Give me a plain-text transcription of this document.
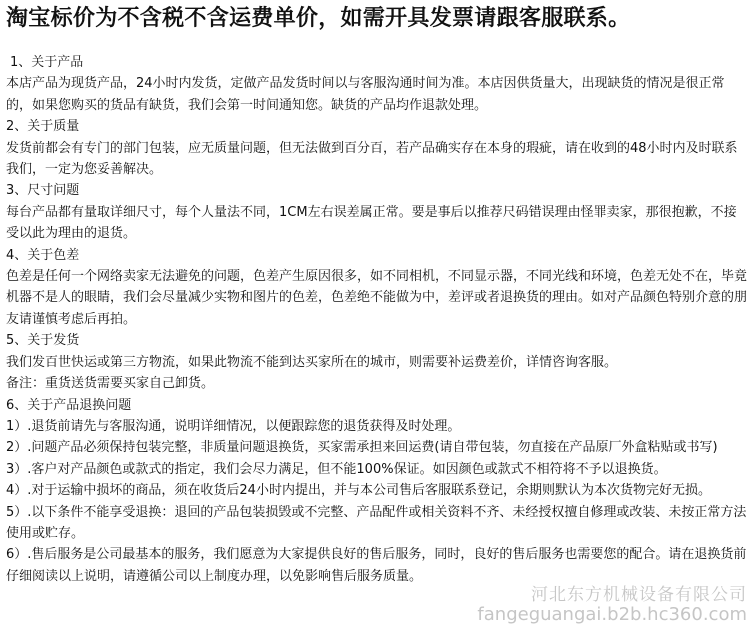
淘宝标价为不含税不含运费单价，如需开具发票请跟客服联系。

1、关于产品

本店产品为现货产品，24小时内发货，定做产品发货时间以与客服沟通时间为准。本店因供货量大，出现缺货的情况是很正常的，如果您购买的货品有缺货，我们会第一时间通知您。缺货的产品均作退款处理。

2、关于质量

发货前都会有专门的部门包装，应无质量问题，但无法做到百分百，若产品确实存在本身的瑕疵，请在收到的48小时内及时联系我们，一定为您妥善解决。

3、尺寸问题

每台产品都有量取详细尺寸，每个人量法不同，1CM左右误差属正常。要是事后以推荐尺码错误理由怪罪卖家，那很抱歉，不接受以此为理由的退货。

4、关于色差

色差是任何一个网络卖家无法避免的问题，色差产生原因很多，如不同相机，不同显示器，不同光线和环境，色差无处不在，毕竟机器不是人的眼睛，我们会尽量减少实物和图片的色差，色差绝不能做为中，差评或者退换货的理由。如对产品颜色特别介意的朋友请谨慎考虑后再拍。

5、关于发货

我们发百世快运或第三方物流，如果此物流不能到达买家所在的城市，则需要补运费差价，详情咨询客服。

备注：重货送货需要买家自己卸货。

6、关于产品退换问题

1）.退货前请先与客服沟通，说明详细情况，以便跟踪您的退货获得及时处理。

2）.问题产品必须保持包装完整，非质量问题退换货，买家需承担来回运费(请自带包装，勿直接在产品原厂外盒粘贴或书写)

3）.客户对产品颜色或款式的指定，我们会尽力满足，但不能100%保证。如因颜色或款式不相符将不予以退换货。

4）.对于运输中损坏的商品，须在收货后24小时内提出，并与本公司售后客服联系登记，余期则默认为本次货物完好无损。

5）.以下条件不能享受退换：退回的产品包装损毁或不完整、产品配件或相关资料不齐、未经授权擅自修理或改装、未按正常方法使用或贮存。

6）.售后服务是公司最基本的服务，我们愿意为大家提供良好的售后服务，同时，良好的售后服务也需要您的配合。请在退换货前仔细阅读以上说明，请遵循公司以上制度办理，以免影响售后服务质量。

河北东方机械设备有限公司
fangeguangai.b2b.hc360.com
